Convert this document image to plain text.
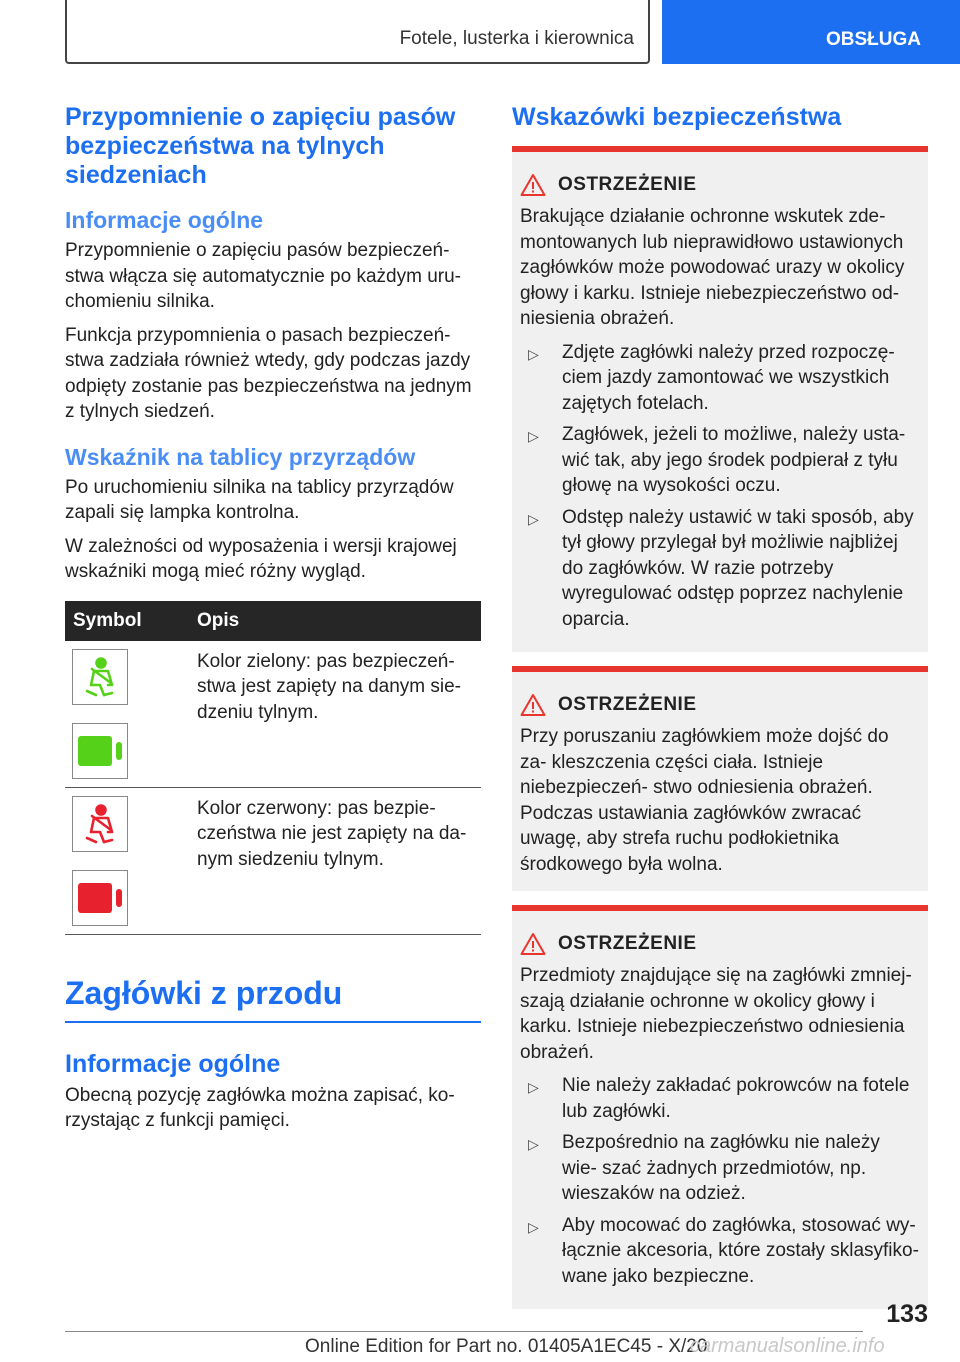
Fotele, lusterka i kierownica	OBSŁUGA
Przypomnienie o zapięciu pasów bezpieczeństwa na tylnych siedzeniach
Informacje ogólne

Przypomnienie o zapięciu pasów bezpieczeń- stwa włącza się automatycznie po każdym uru- chomieniu silnika.

Funkcja przypomnienia o pasach bezpieczeń- stwa zadziała również wtedy, gdy podczas jazdy odpięty zostanie pas bezpieczeństwa na jednym z tylnych siedzeń.

Wskaźnik na tablicy przyrządów

Po uruchomieniu silnika na tablicy przyrządów zapali się lampka kontrolna.

W zależności od wyposażenia i wersji krajowej wskaźniki mogą mieć różny wygląd.

Symbol	Opis

	Kolor zielony: pas bezpieczeń- stwa jest zapięty na danym sie- dzeniu tylnym.

	Kolor czerwony: pas bezpie- czeństwa nie jest zapięty na da- nym siedzeniu tylnym.
Zagłówki z przodu
Informacje ogólne

Obecną pozycję zagłówka można zapisać, ko- rzystając z funkcji pamięci.

Wskazówki bezpieczeństwa
OSTRZEŻENIE

Brakujące działanie ochronne wskutek zde- montowanych lub nieprawidłowo ustawionych zagłówków może powodować urazy w okolicy głowy i karku. Istnieje niebezpieczeństwo od- niesienia obrażeń.

▷	Zdjęte zagłówki należy przed rozpoczę- ciem jazdy zamontować we wszystkich zajętych fotelach.
▷	Zagłówek, jeżeli to możliwe, należy usta- wić tak, aby jego środek podpierał z tyłu głowę na wysokości oczu.
▷	Odstęp należy ustawić w taki sposób, aby tył głowy przylegał był możliwie najbliżej do zagłówków. W razie potrzeby wyregulować odstęp poprzez nachylenie oparcia.
OSTRZEŻENIE

Przy poruszaniu zagłówkiem może dojść do za- kleszczenia części ciała. Istnieje niebezpieczeń- stwo odniesienia obrażeń. Podczas ustawiania zagłówków zwracać uwagę, aby strefa ruchu podłokietnika środkowego była wolna.

OSTRZEŻENIE

Przedmioty znajdujące się na zagłówki zmniej- szają działanie ochronne w okolicy głowy i karku. Istnieje niebezpieczeństwo odniesienia obrażeń.

▷	Nie należy zakładać pokrowców na fotele lub zagłówki.
▷	Bezpośrednio na zagłówku nie należy wie- szać żadnych przedmiotów, np. wieszaków na odzież.
▷	Aby mocować do zagłówka, stosować wy- łącznie akcesoria, które zostały sklasyfiko- wane jako bezpieczne.
133
Online Edition for Part no. 01405A1EC45 - X/20
carmanualsonline.info
